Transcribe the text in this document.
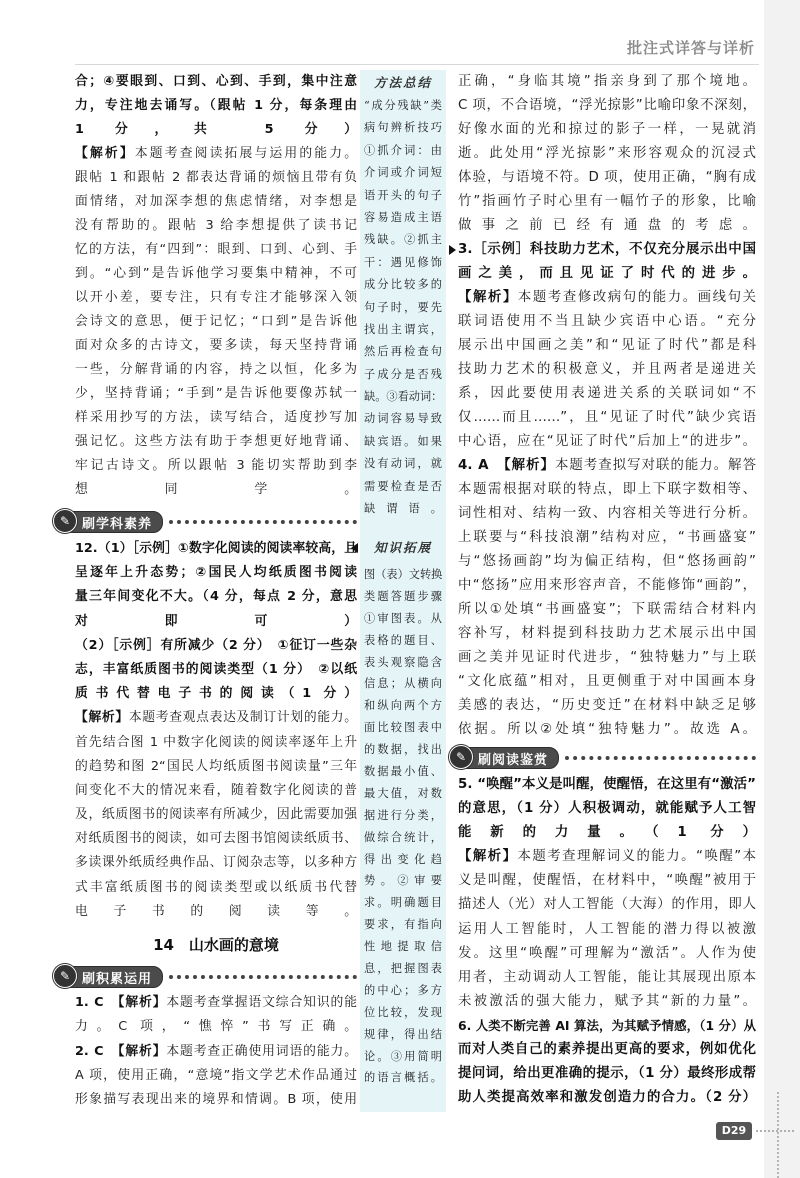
批注式详答与详析
合；④要眼到、口到、心到、手到，集中注意
力，专注地去诵写。（跟帖 1 分，每条理由
1 分，共 5 分）
【解析】本题考查阅读拓展与运用的能力。
跟帖 1 和跟帖 2 都表达背诵的烦恼且带有负
面情绪，对加深李想的焦虑情绪，对李想是
没有帮助的。跟帖 3 给李想提供了读书记
忆的方法，有“四到”：眼到、口到、心到、手
到。“心到”是告诉他学习要集中精神，不可
以开小差，要专注，只有专注才能够深入领
会诗文的意思，便于记忆；“口到”是告诉他
面对众多的古诗文，要多读，每天坚持背诵
一些，分解背诵的内容，持之以恒，化多为
少，坚持背诵；“手到”是告诉他要像苏轼一
样采用抄写的方法，读写结合，适度抄写加
强记忆。这些方法有助于李想更好地背诵、
牢记古诗文。所以跟帖 3 能切实帮助到李
想同学。
✎ 刷学科素养
12.（1）［示例］①数字化阅读的阅读率较高，且
呈逐年上升态势；②国民人均纸质图书阅读
量三年间变化不大。（4 分，每点 2 分，意思
对即可）
（2）［示例］有所减少（2 分）　①征订一些杂
志，丰富纸质图书的阅读类型（1 分）　②以纸
质书代替电子书的阅读（1 分）
【解析】本题考查观点表达及制订计划的能力。
首先结合图 1 中数字化阅读的阅读率逐年上升
的趋势和图 2“国民人均纸质图书阅读量”三年
间变化不大的情况来看，随着数字化阅读的普
及，纸质图书的阅读率有所减少，因此需要加强
对纸质图书的阅读，如可去图书馆阅读纸质书、
多读课外纸质经典作品、订阅杂志等，以多种方
式丰富纸质图书的阅读类型或以纸质书代替
电子书的阅读等。
14　山水画的意境
✎ 刷积累运用
1. C　【解析】本题考查掌握语文综合知识的能
力。C 项，“憔悴”书写正确。
2. C　【解析】本题考查正确使用词语的能力。
A 项，使用正确，“意境”指文学艺术作品通过
形象描写表现出来的境界和情调。B 项，使用
方法总结
“成分残缺”类
病句辨析技巧
①抓介词：由
介词或介词短
语开头的句子
容易造成主语
残缺。②抓主
干：遇见修饰
成分比较多的
句子时，要先
找出主谓宾，
然后再检查句
子成分是否残
缺。③看动词：
动词容易导致
缺宾语。如果
没有动词，就
需要检查是否
缺谓语。
知识拓展
图（表）文转换
类题答题步骤
①审图表。从
表格的题目、
表头观察隐含
信息；从横向
和纵向两个方
面比较图表中
的数据，找出
数据最小值、
最大值，对数
据进行分类，
做综合统计，
得出变化趋
势。②审要
求。明确题目
要求，有指向
性地提取信
息，把握图表
的中心；多方
位比较，发现
规律，得出结
论。③用简明
的语言概括。
正确，“身临其境”指亲身到了那个境地。
C 项，不合语境，“浮光掠影”比喻印象不深刻，
好像水面的光和掠过的影子一样，一晃就消
逝。此处用“浮光掠影”来形容观众的沉浸式
体验，与语境不符。D 项，使用正确，“胸有成
竹”指画竹子时心里有一幅竹子的形象，比喻
做事之前已经有通盘的考虑。
3.［示例］科技助力艺术，不仅充分展示出中国
画之美，而且见证了时代的进步。
【解析】本题考查修改病句的能力。画线句关
联词语使用不当且缺少宾语中心语。“充分
展示出中国画之美”和“见证了时代”都是科
技助力艺术的积极意义，并且两者是递进关
系，因此要使用表递进关系的关联词如“不
仅……而且……”，且“见证了时代”缺少宾语
中心语，应在“见证了时代”后加上“的进步”。
4. A　【解析】本题考查拟写对联的能力。解答
本题需根据对联的特点，即上下联字数相等、
词性相对、结构一致、内容相关等进行分析。
上联要与“科技浪潮”结构对应，“书画盛宴”
与“悠扬画韵”均为偏正结构，但“悠扬画韵”
中“悠扬”应用来形容声音，不能修饰“画韵”，
所以①处填“书画盛宴”；下联需结合材料内
容补写，材料提到科技助力艺术展示出中国
画之美并见证时代进步，“独特魅力”与上联
“文化底蕴”相对，且更侧重于对中国画本身
美感的表达，“历史变迁”在材料中缺乏足够
依据。所以②处填“独特魅力”。故选 A。
✎ 刷阅读鉴赏
5. “唤醒”本义是叫醒，使醒悟，在这里有“激活”
的意思，（1 分）人积极调动，就能赋予人工智
能新的力量。（1 分）
【解析】本题考查理解词义的能力。“唤醒”本
义是叫醒，使醒悟，在材料中，“唤醒”被用于
描述人（光）对人工智能（大海）的作用，即人
运用人工智能时，人工智能的潜力得以被激
发。这里“唤醒”可理解为“激活”。人作为使
用者，主动调动人工智能，能让其展现出原本
未被激活的强大能力，赋予其“新的力量”。
6. 人类不断完善 AI 算法，为其赋予情感，（1 分）从
而对人类自己的素养提出更高的要求，例如优化
提问词，给出更准确的提示，（1 分）最终形成帮
助人类提高效率和激发创造力的合力。（2 分）
D29
